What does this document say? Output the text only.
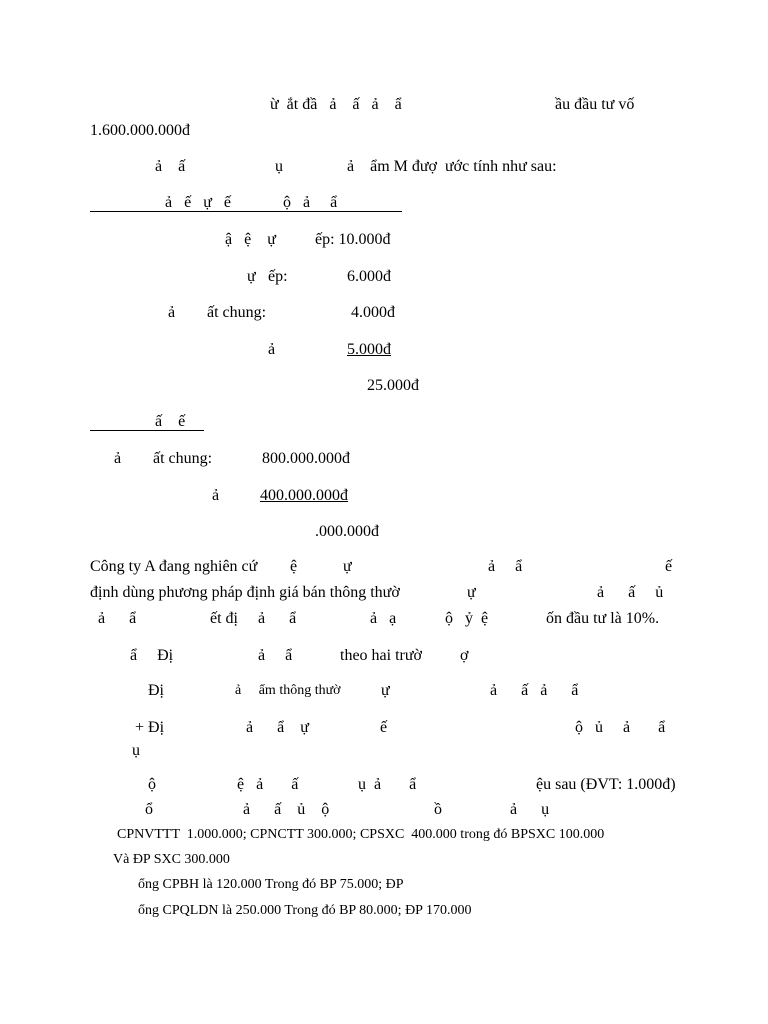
ừ  ắt đầ   ả    ấ   ả    ẩ	ầu đầu tư vố
1.600.000.000đ
ả    ấ	ụ	ả    ẩm M đượ  ước tính như sau:
ả   ế   ự   ế             ộ   ả     ẩ
ậ   ệ    ự ếp: 10.000đ
ự ếp:	6.000đ
ả ất chung:	4.000đ
ả	5.000đ
25.000đ
ấ    ế
ả ất chung:	800.000.000đ
ả	400.000.000đ
.000.000đ
Công ty A đang nghiên cứ ệ	ự	ả     ẩ	ế
định dùng phương pháp định giá bán thông thườ	ự	ả      ấ     ủ
ả      ẩ	ết đị     ả      ẩ	ả   ạ	ộ   ỷ  ệ	ốn đầu tư là 10%.
ẩ     Đị	ả     ẩ	theo hai trườ ợ
Đị	ả     ẩm thông thườ	ự	ả      ấ   ả      ẩ
+ Đị	ả      ẩ    ự	ế	ộ   ủ     ả       ẩ
ụ
ộ	ệ   ả       ấ	ụ  ả       ẩ	ệu sau (ĐVT: 1.000đ)
ổ	ả      ấ    ủ    ộ	ồ	ả      ụ
CPNVTTT  1.000.000; CPNCTT 300.000; CPSXC  400.000 trong đó BPSXC 100.000
Và ĐP SXC 300.000
ổng CPBH là 120.000 Trong đó BP 75.000; ĐP
ổng CPQLDN là 250.000 Trong đó BP 80.000; ĐP 170.000
